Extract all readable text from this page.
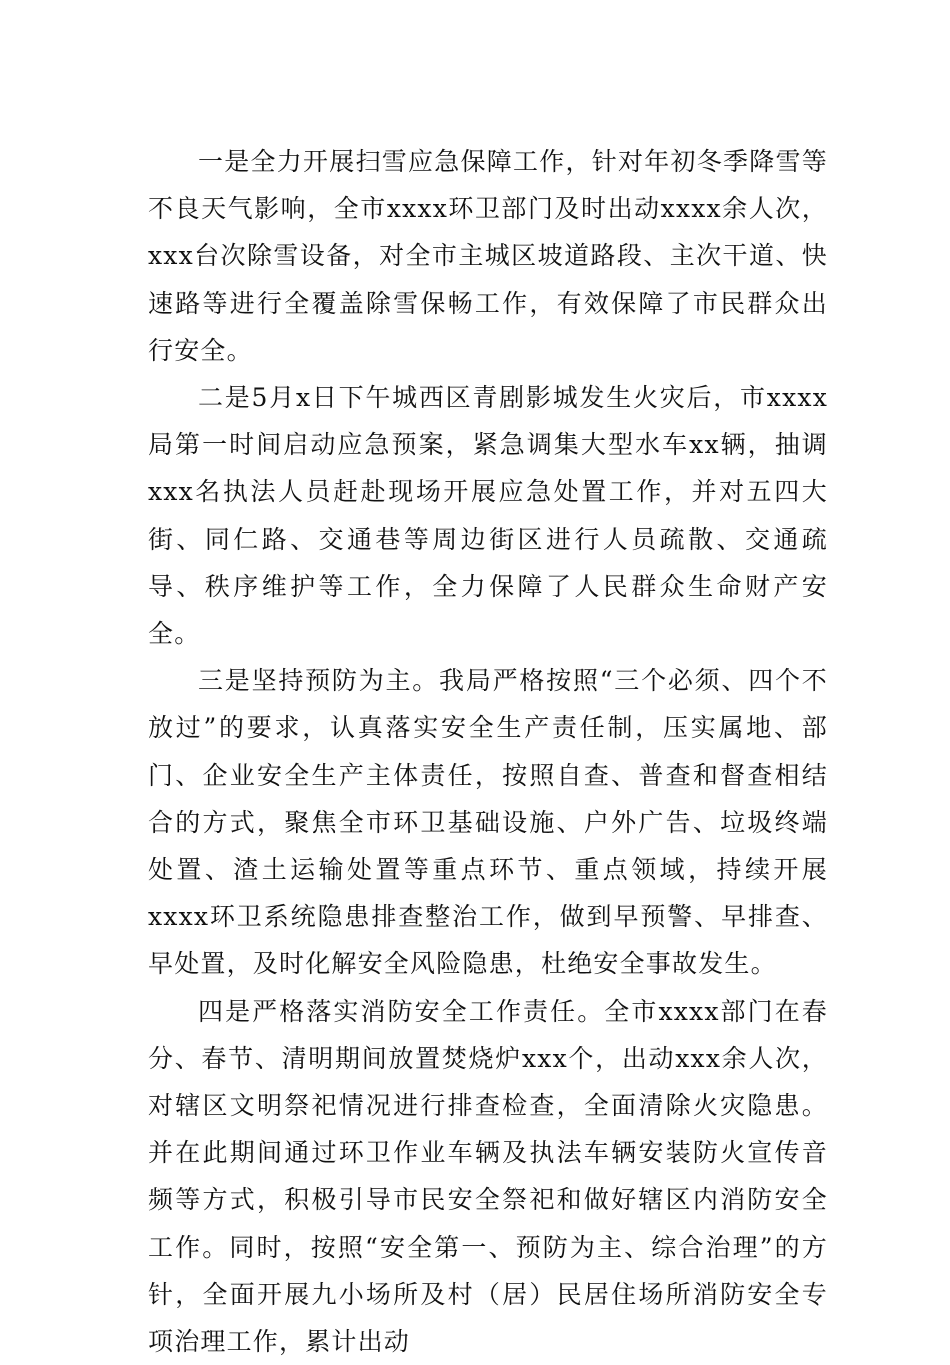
一是全力开展扫雪应急保障工作，针对年初冬季降雪等不良天气影响，全市xxxx环卫部门及时出动xxxx余人次，xxx台次除雪设备，对全市主城区坡道路段、主次干道、快速路等进行全覆盖除雪保畅工作，有效保障了市民群众出行安全。

二是5月x日下午城西区青剧影城发生火灾后，市xxxx局第一时间启动应急预案，紧急调集大型水车xx辆，抽调xxx名执法人员赶赴现场开展应急处置工作，并对五四大街、同仁路、交通巷等周边街区进行人员疏散、交通疏导、秩序维护等工作，全力保障了人民群众生命财产安全。

三是坚持预防为主。我局严格按照“三个必须、四个不放过”的要求，认真落实安全生产责任制，压实属地、部门、企业安全生产主体责任，按照自查、普查和督查相结合的方式，聚焦全市环卫基础设施、户外广告、垃圾终端处置、渣土运输处置等重点环节、重点领域，持续开展xxxx环卫系统隐患排查整治工作，做到早预警、早排查、早处置，及时化解安全风险隐患，杜绝安全事故发生。

四是严格落实消防安全工作责任。全市xxxx部门在春分、春节、清明期间放置焚烧炉xxx个，出动xxx余人次，对辖区文明祭祀情况进行排查检查，全面清除火灾隐患。并在此期间通过环卫作业车辆及执法车辆安装防火宣传音频等方式，积极引导市民安全祭祀和做好辖区内消防安全工作。同时，按照“安全第一、预防为主、综合治理”的方针，全面开展九小场所及村（居）民居住场所消防安全专项治理工作，累计出动
